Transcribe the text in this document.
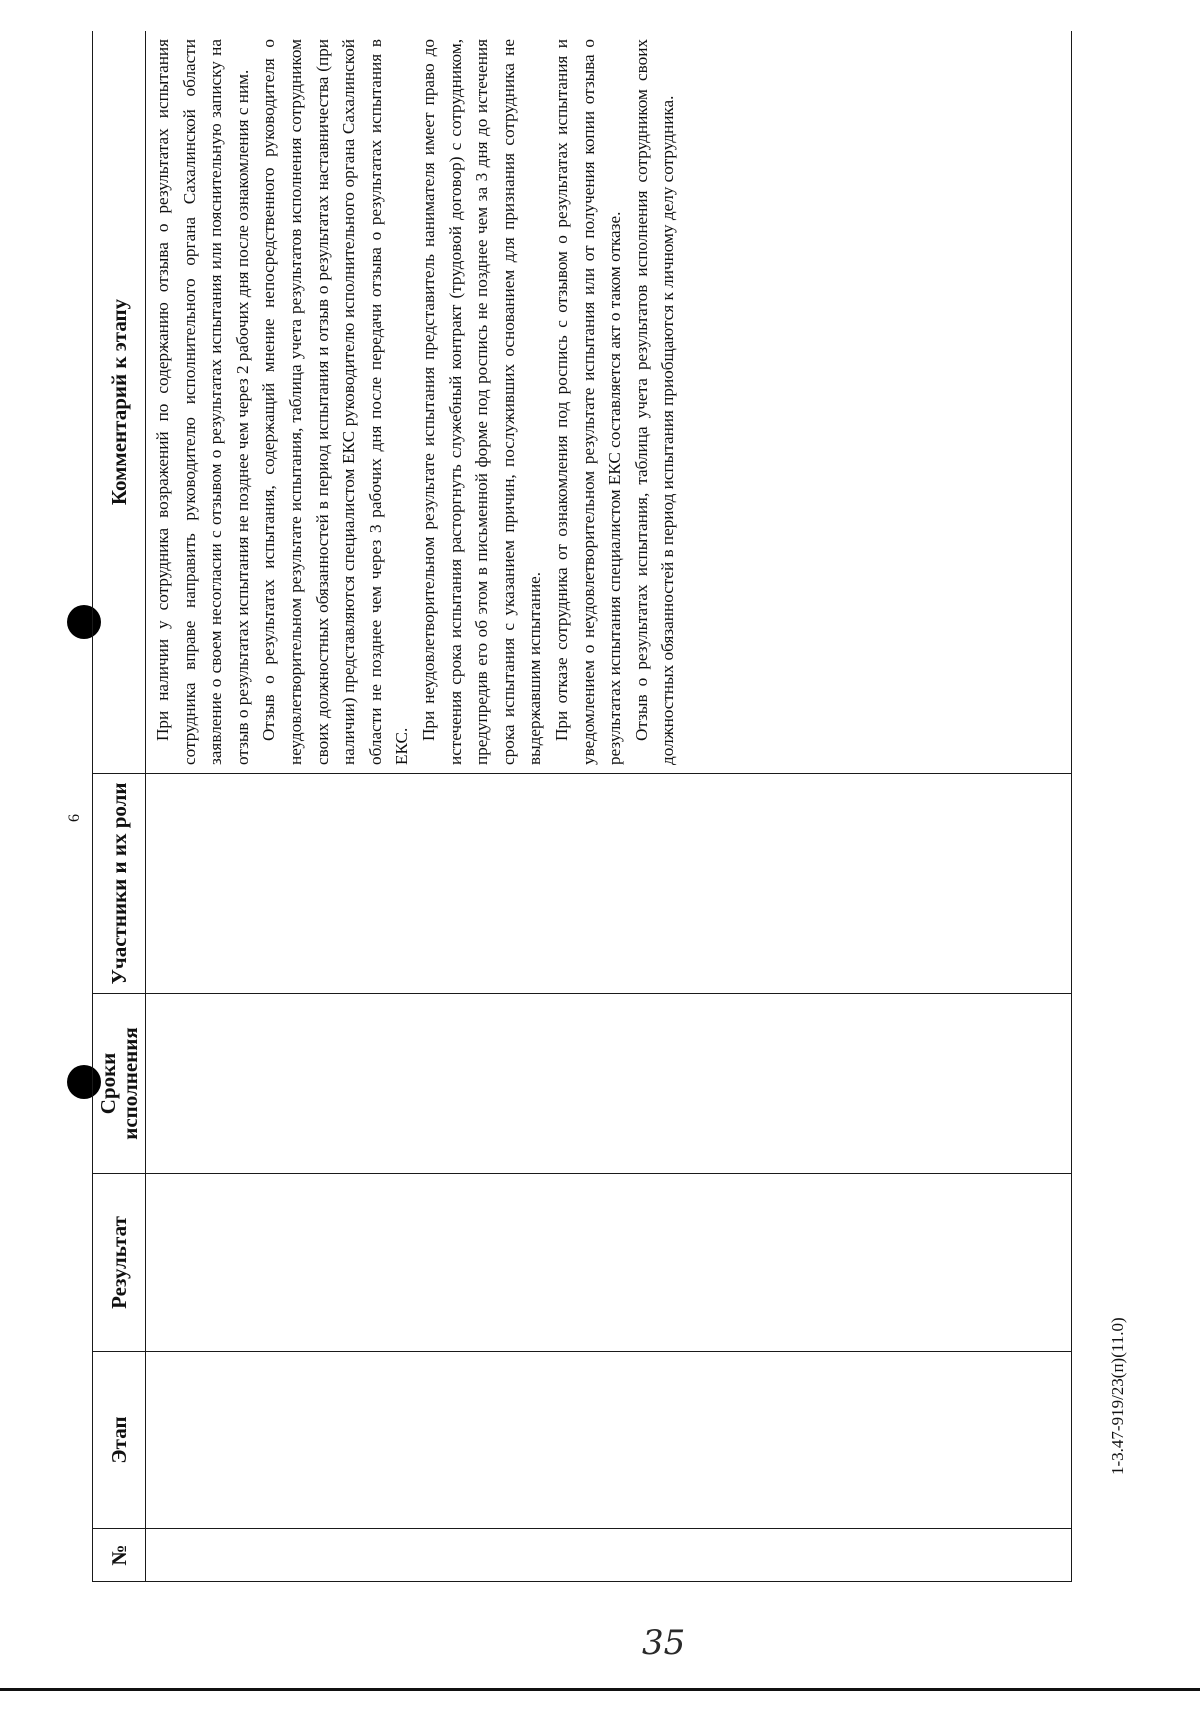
6
№	Этап	Результат	Сроки исполнения	Участники и их роли	Комментарий к этапу

					При наличии у сотрудника возражений по содержанию отзыва о результатах испытания сотрудника вправе направить руководителю исполнительного органа Сахалинской области заявление о своем несогласии с отзывом о результатах испытания или пояснительную записку на отзыв о результатах испытания не позднее чем через 2 рабочих дня после ознакомления с ним. Отзыв о результатах испытания, содержащий мнение непосредственного руководителя о неудовлетворительном результате испытания, таблица учета результатов исполнения сотрудником своих должностных обязанностей в период испытания и отзыв о результатах наставничества (при наличии) представляются специалистом ЕКС руководителю исполнительного органа Сахалинской области не позднее чем через 3 рабочих дня после передачи отзыва о результатах испытания в ЕКС.

При неудовлетворительном результате испытания представитель нанимателя имеет право до истечения срока испытания расторгнуть служебный контракт (трудовой договор) с сотрудником, предупредив его об этом в письменной форме под роспись не позднее чем за 3 дня до истечения срока испытания с указанием причин, послуживших основанием для признания сотрудника не выдержавшим испытание. При отказе сотрудника от ознакомления под роспись с отзывом о результатах испытания и уведомлением о неудовлетворительном результате испытания или от получения копии отзыва о результатах испытания специалистом ЕКС составляется акт о таком отказе. Отзыв о результатах испытания, таблица учета результатов исполнения сотрудником своих должностных обязанностей в период испытания приобщаются к личному делу сотрудника.

1-3.47-919/23(п)(11.0)
35
